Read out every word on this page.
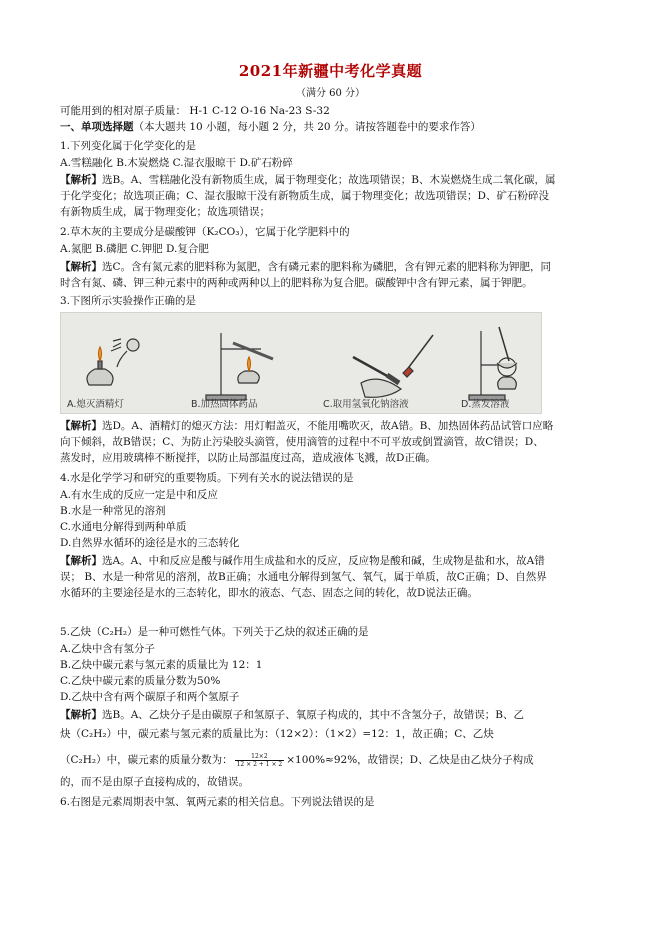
2021年新疆中考化学真题
（满分 60 分）
可能用到的相对原子质量： H-1 C-12 O-16 Na-23 S-32
一、单项选择题（本大题共 10 小题，每小题 2 分，共 20 分。请按答题卷中的要求作答）
1.下列变化属于化学变化的是
A.雪糕融化 B.木炭燃烧 C.湿衣服晾干 D.矿石粉碎
【解析】选B。A、雪糕融化没有新物质生成，属于物理变化；故选项错误；B、木炭燃烧生成二氧化碳，属
于化学变化；故选项正确；C、湿衣服晾干没有新物质生成，属于物理变化；故选项错误；D、矿石粉碎没
有新物质生成，属于物理变化；故选项错误；
2.草木灰的主要成分是碳酸钾（K₂CO₃），它属于化学肥料中的
A.氮肥 B.磷肥 C.钾肥 D.复合肥
【解析】选C。含有氮元素的肥料称为氮肥，含有磷元素的肥料称为磷肥，含有钾元素的肥料称为钾肥，同
时含有氮、磷、钾三种元素中的两种或两种以上的肥料称为复合肥。碳酸钾中含有钾元素，属于钾肥。
3.下图所示实验操作正确的是
A.熄灭酒精灯	B.加热固体药品	C.取用氢氧化钠溶液	D.蒸发溶液
【解析】选D。A、酒精灯的熄灭方法：用灯帽盖灭，不能用嘴吹灭，故A错。B、加热固体药品试管口应略
向下倾斜，故B错误；C、为防止污染胶头滴管，使用滴管的过程中不可平放或倒置滴管，故C错误；D、
蒸发时，应用玻璃棒不断搅拌，以防止局部温度过高，造成液体飞溅，故D正确。
4.水是化学学习和研究的重要物质。下列有关水的说法错误的是
A.有水生成的反应一定是中和反应
B.水是一种常见的溶剂
C.水通电分解得到两种单质
D.自然界水循环的途径是水的三态转化
【解析】选A。A、中和反应是酸与碱作用生成盐和水的反应，反应物是酸和碱，生成物是盐和水，故A错
误； B、水是一种常见的溶剂，故B正确；水通电分解得到氢气、氧气，属于单质，故C正确；D、自然界
水循环的主要途径是水的三态转化，即水的液态、气态、固态之间的转化，故D说法正确。
5.乙炔（C₂H₂）是一种可燃性气体。下列关于乙炔的叙述正确的是
A.乙炔中含有氢分子
B.乙炔中碳元素与氢元素的质量比为 12：1
C.乙炔中碳元素的质量分数为50%
D.乙炔中含有两个碳原子和两个氢原子
【解析】选B。A、乙炔分子是由碳原子和氢原子、氧原子构成的，其中不含氢分子，故错误；B、乙
炔（C₂H₂）中，碳元素与氢元素的质量比为：（12×2）：（1×2）=12：1，故正确；C、乙炔
（C₂H₂）中，碳元素的质量分数为： $\frac{12\times 2}{12 \times 2 + 1 \times 2} \times 100\%\approx 92\%$，故错误；D、乙炔是由乙炔分子构成
的，而不是由原子直接构成的，故错误。
6.右图是元素周期表中氢、氧两元素的相关信息。下列说法错误的是
